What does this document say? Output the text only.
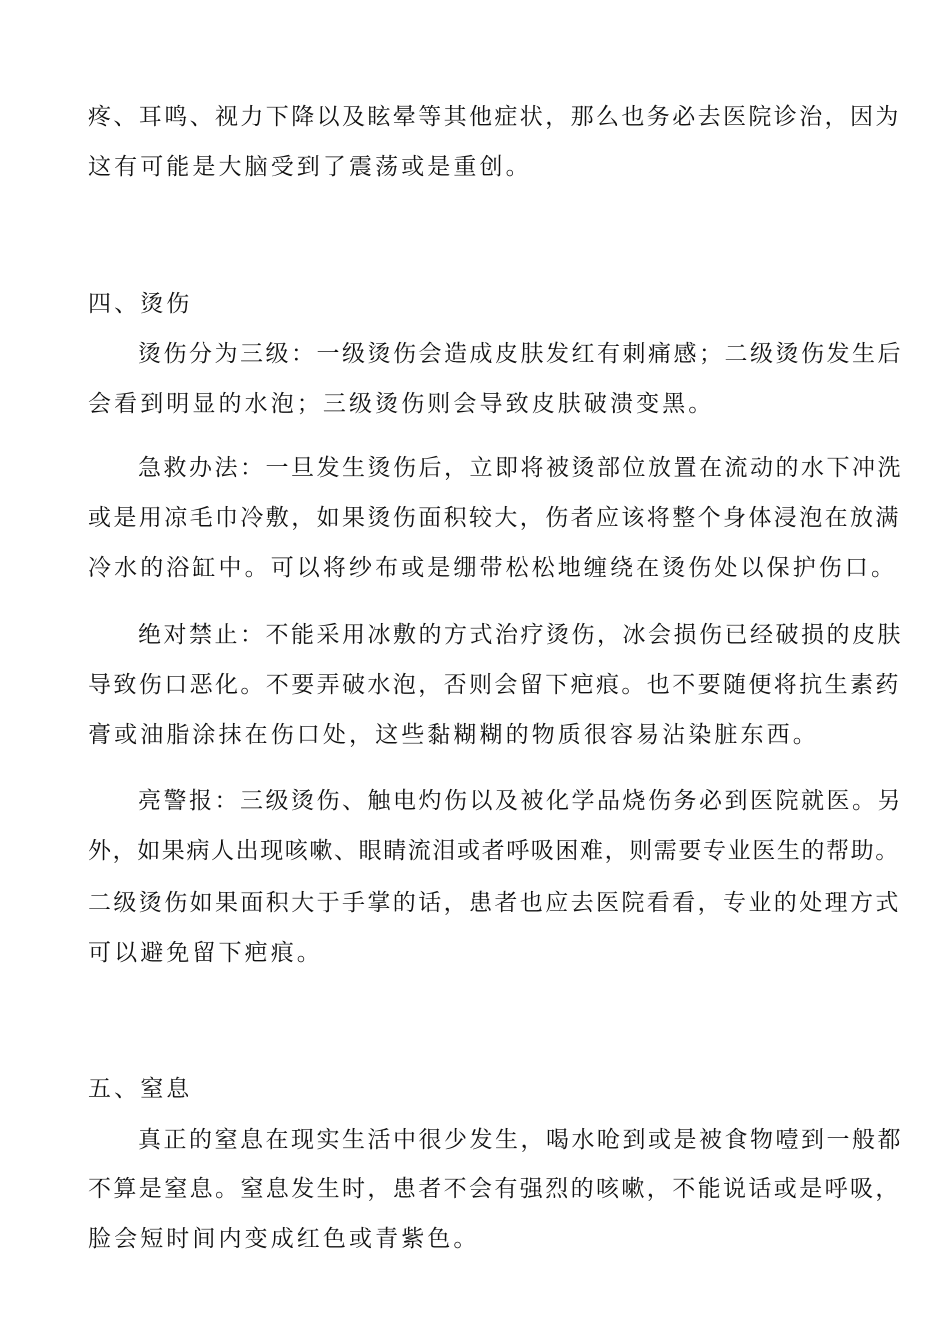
疼、耳鸣、视力下降以及眩晕等其他症状，那么也务必去医院诊治，因为
这有可能是大脑受到了震荡或是重创。
四、烫伤
烫伤分为三级：一级烫伤会造成皮肤发红有刺痛感；二级烫伤发生后
会看到明显的水泡；三级烫伤则会导致皮肤破溃变黑。
急救办法：一旦发生烫伤后，立即将被烫部位放置在流动的水下冲洗
或是用凉毛巾冷敷，如果烫伤面积较大，伤者应该将整个身体浸泡在放满
冷水的浴缸中。可以将纱布或是绷带松松地缠绕在烫伤处以保护伤口。
绝对禁止：不能采用冰敷的方式治疗烫伤，冰会损伤已经破损的皮肤
导致伤口恶化。不要弄破水泡，否则会留下疤痕。也不要随便将抗生素药
膏或油脂涂抹在伤口处，这些黏糊糊的物质很容易沾染脏东西。
亮警报：三级烫伤、触电灼伤以及被化学品烧伤务必到医院就医。另
外，如果病人出现咳嗽、眼睛流泪或者呼吸困难，则需要专业医生的帮助。
二级烫伤如果面积大于手掌的话，患者也应去医院看看，专业的处理方式
可以避免留下疤痕。
五、窒息
真正的窒息在现实生活中很少发生，喝水呛到或是被食物噎到一般都
不算是窒息。窒息发生时，患者不会有强烈的咳嗽，不能说话或是呼吸，
脸会短时间内变成红色或青紫色。
